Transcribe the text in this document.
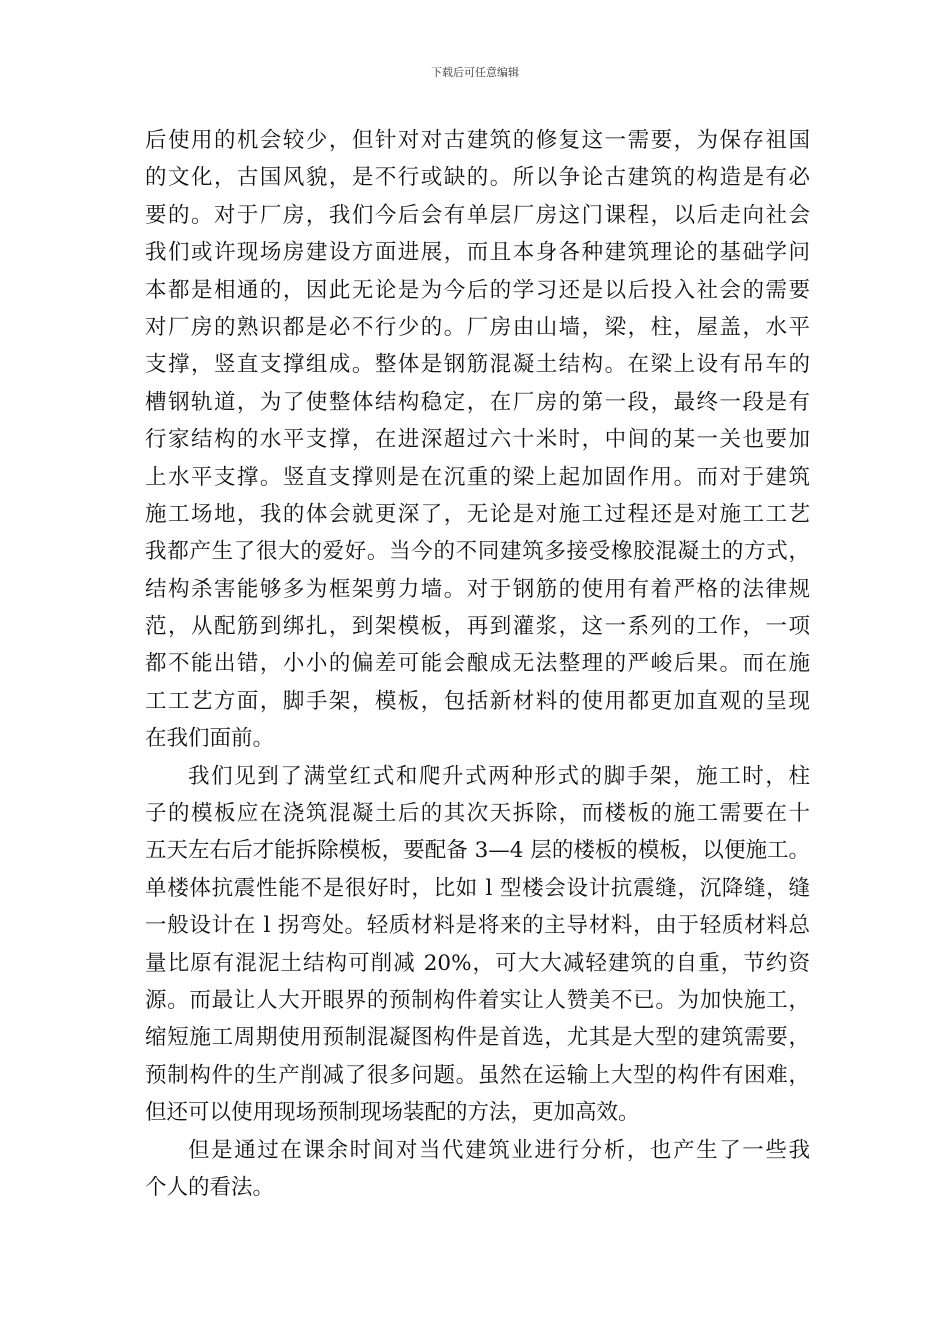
下载后可任意编辑

后使用的机会较少，但针对对古建筑的修复这一需要，为保存祖国
的文化，古国风貌，是不行或缺的。所以争论古建筑的构造是有必
要的。对于厂房，我们今后会有单层厂房这门课程，以后走向社会
我们或许现场房建设方面进展，而且本身各种建筑理论的基础学问
本都是相通的，因此无论是为今后的学习还是以后投入社会的需要
对厂房的熟识都是必不行少的。厂房由山墙，梁，柱，屋盖，水平
支撑，竖直支撑组成。整体是钢筋混凝土结构。在梁上设有吊车的
槽钢轨道，为了使整体结构稳定，在厂房的第一段，最终一段是有
行家结构的水平支撑，在进深超过六十米时，中间的某一关也要加
上水平支撑。竖直支撑则是在沉重的梁上起加固作用。而对于建筑
施工场地，我的体会就更深了，无论是对施工过程还是对施工工艺
我都产生了很大的爱好。当今的不同建筑多接受橡胶混凝土的方式，
结构杀害能够多为框架剪力墙。对于钢筋的使用有着严格的法律规
范，从配筋到绑扎，到架模板，再到灌浆，这一系列的工作，一项
都不能出错，小小的偏差可能会酿成无法整理的严峻后果。而在施
工工艺方面，脚手架，模板，包括新材料的使用都更加直观的呈现
在我们面前。

我们见到了满堂红式和爬升式两种形式的脚手架，施工时，柱
子的模板应在浇筑混凝土后的其次天拆除，而楼板的施工需要在十
五天左右后才能拆除模板，要配备 3—4 层的楼板的模板，以便施工。
单楼体抗震性能不是很好时，比如 l 型楼会设计抗震缝，沉降缝，缝
一般设计在 l 拐弯处。轻质材料是将来的主导材料，由于轻质材料总
量比原有混泥土结构可削减 20%，可大大减轻建筑的自重，节约资
源。而最让人大开眼界的预制构件着实让人赞美不已。为加快施工，
缩短施工周期使用预制混凝图构件是首选，尤其是大型的建筑需要，
预制构件的生产削减了很多问题。虽然在运输上大型的构件有困难，
但还可以使用现场预制现场装配的方法，更加高效。

但是通过在课余时间对当代建筑业进行分析，也产生了一些我
个人的看法。
